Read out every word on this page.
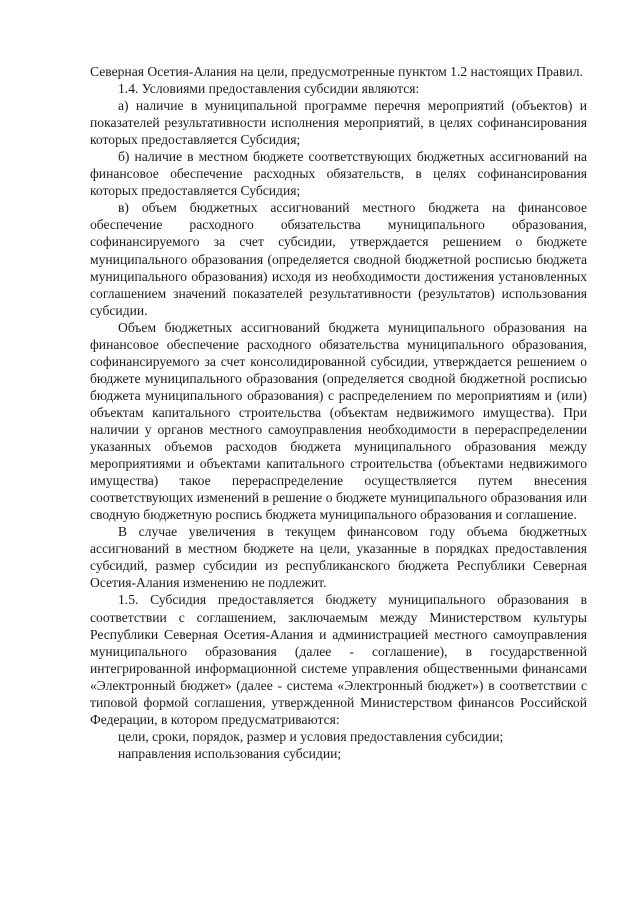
Северная Осетия-Алания на цели, предусмотренные пунктом 1.2 настоящих Правил.

1.4. Условиями предоставления субсидии являются:

а) наличие в муниципальной программе перечня мероприятий (объектов) и показателей результативности исполнения мероприятий, в целях софинансирования которых предоставляется Субсидия;

б) наличие в местном бюджете соответствующих бюджетных ассигнований на финансовое обеспечение расходных обязательств, в целях софинансирования которых предоставляется Субсидия;

в) объем бюджетных ассигнований местного бюджета на финансовое обеспечение расходного обязательства муниципального образования, софинансируемого за счет субсидии, утверждается решением о бюджете муниципального образования (определяется сводной бюджетной росписью бюджета муниципального образования) исходя из необходимости достижения установленных соглашением значений показателей результативности (результатов) использования субсидии.

Объем бюджетных ассигнований бюджета муниципального образования на финансовое обеспечение расходного обязательства муниципального образования, софинансируемого за счет консолидированной субсидии, утверждается решением о бюджете муниципального образования (определяется сводной бюджетной росписью бюджета муниципального образования) с распределением по мероприятиям и (или) объектам капитального строительства (объектам недвижимого имущества). При наличии у органов местного самоуправления необходимости в перераспределении указанных объемов расходов бюджета муниципального образования между мероприятиями и объектами капитального строительства (объектами недвижимого имущества) такое перераспределение осуществляется путем внесения соответствующих изменений в решение о бюджете муниципального образования или сводную бюджетную роспись бюджета муниципального образования и соглашение.

В случае увеличения в текущем финансовом году объема бюджетных ассигнований в местном бюджете на цели, указанные в порядках предоставления субсидий, размер субсидии из республиканского бюджета Республики Северная Осетия-Алания изменению не подлежит.

1.5. Субсидия предоставляется бюджету муниципального образования в соответствии с соглашением, заключаемым между Министерством культуры Республики Северная Осетия-Алания и администрацией местного самоуправления муниципального образования (далее - соглашение), в государственной интегрированной информационной системе управления общественными финансами «Электронный бюджет» (далее - система «Электронный бюджет») в соответствии с типовой формой соглашения, утвержденной Министерством финансов Российской Федерации, в котором предусматриваются:

цели, сроки, порядок, размер и условия предоставления субсидии;

направления использования субсидии;
